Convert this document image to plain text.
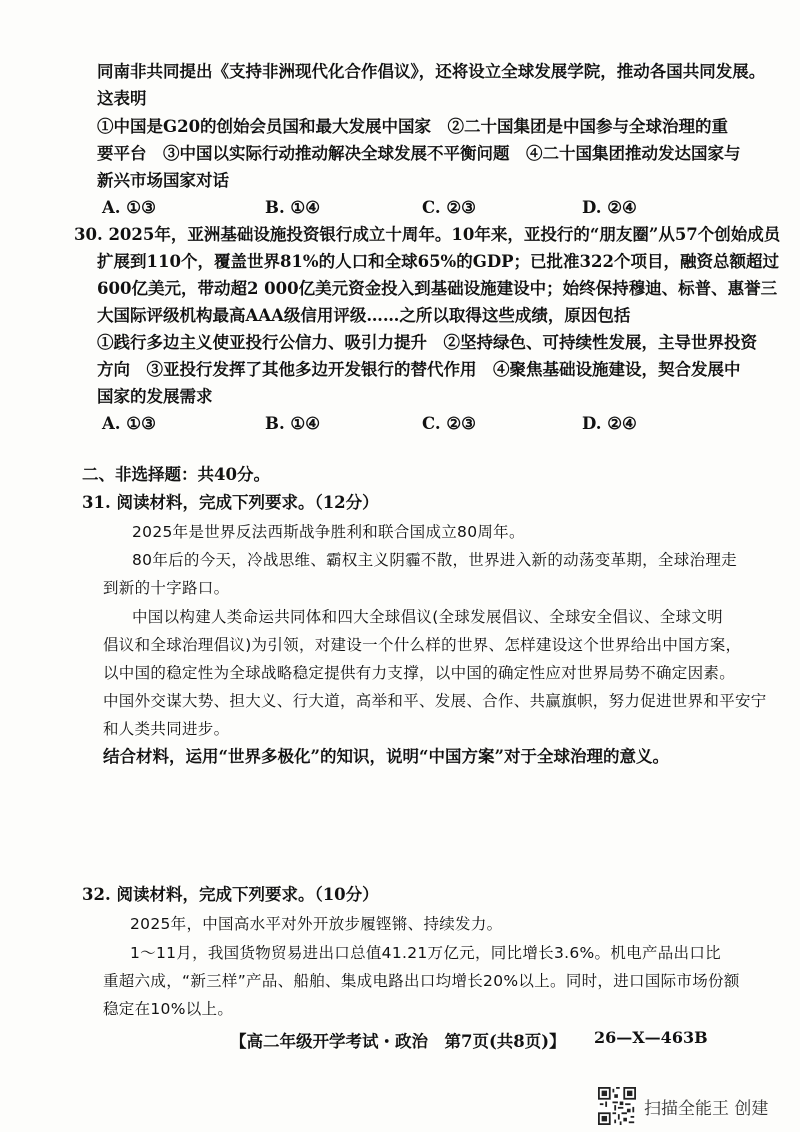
同南非共同提出《支持非洲现代化合作倡议》，还将设立全球发展学院，推动各国共同发展。
这表明
①中国是G20的创始会员国和最大发展中国家　②二十国集团是中国参与全球治理的重
要平台　③中国以实际行动推动解决全球发展不平衡问题　④二十国集团推动发达国家与
新兴市场国家对话
A. ①③	B. ①④	C. ②③	D. ②④
30. 2025年，亚洲基础设施投资银行成立十周年。10年来，亚投行的“朋友圈”从57个创始成员
扩展到110个，覆盖世界81%的人口和全球65%的GDP；已批准322个项目，融资总额超过
600亿美元，带动超2 000亿美元资金投入到基础设施建设中；始终保持穆迪、标普、惠誉三
大国际评级机构最高AAA级信用评级……之所以取得这些成绩，原因包括
①践行多边主义使亚投行公信力、吸引力提升　②坚持绿色、可持续性发展，主导世界投资
方向　③亚投行发挥了其他多边开发银行的替代作用　④聚焦基础设施建设，契合发展中
国家的发展需求
A. ①③	B. ①④	C. ②③	D. ②④
二、非选择题：共40分。
31. 阅读材料，完成下列要求。（12分）
2025年是世界反法西斯战争胜利和联合国成立80周年。
80年后的今天，冷战思维、霸权主义阴霾不散，世界进入新的动荡变革期，全球治理走
到新的十字路口。
中国以构建人类命运共同体和四大全球倡议(全球发展倡议、全球安全倡议、全球文明
倡议和全球治理倡议)为引领，对建设一个什么样的世界、怎样建设这个世界给出中国方案，
以中国的稳定性为全球战略稳定提供有力支撑，以中国的确定性应对世界局势不确定因素。
中国外交谋大势、担大义、行大道，高举和平、发展、合作、共赢旗帜，努力促进世界和平安宁
和人类共同进步。
结合材料，运用“世界多极化”的知识，说明“中国方案”对于全球治理的意义。
32. 阅读材料，完成下列要求。（10分）
2025年，中国高水平对外开放步履铿锵、持续发力。
1～11月，我国货物贸易进出口总值41.21万亿元，同比增长3.6%。机电产品出口比
重超六成，“新三样”产品、船舶、集成电路出口均增长20%以上。同时，进口国际市场份额
稳定在10%以上。
【高二年级开学考试・政治　第7页(共8页)】 26—X—463B
扫描全能王 创建
